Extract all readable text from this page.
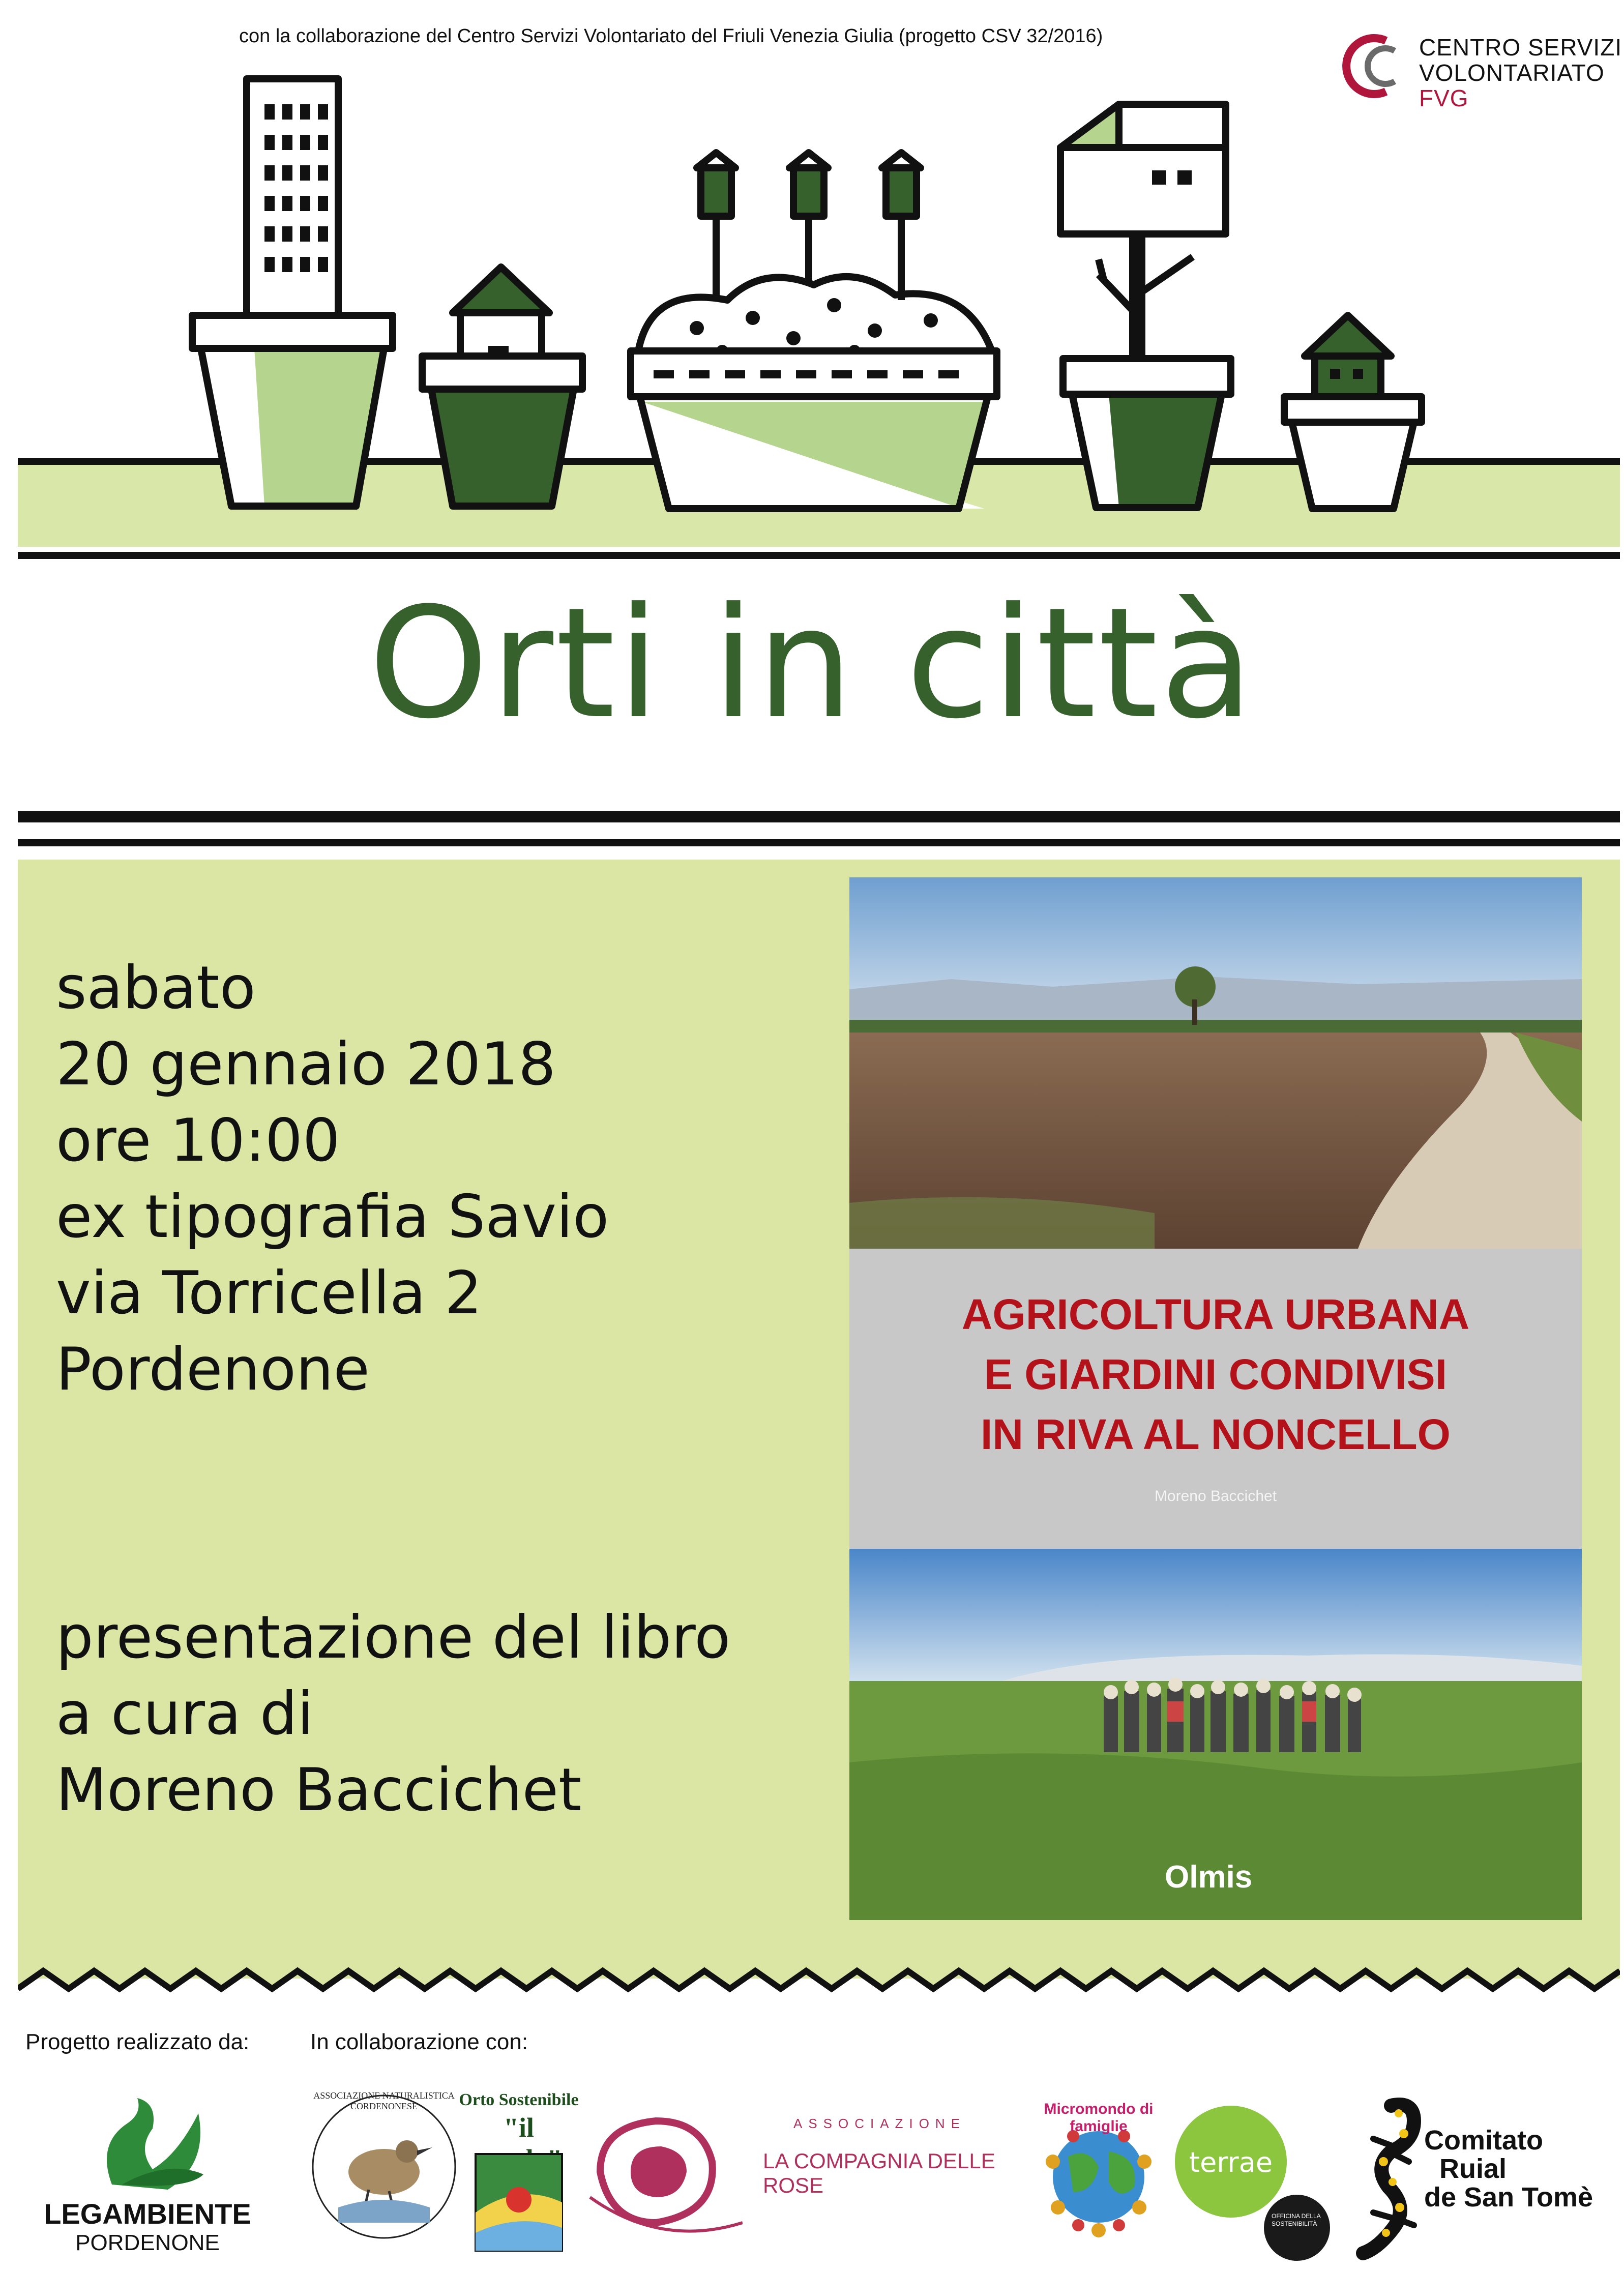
con la collaborazione del Centro Servizi Volontariato del Friuli Venezia Giulia (progetto CSV 32/2016)	CENTRO SERVIZI
VOLONTARIATO FVG
Orti in città
sabato
20 gennaio 2018
ore 10:00
ex tipografia Savio
via Torricella 2
Pordenone
presentazione del libro
a cura di
Moreno Baccichet
AGRICOLTURA URBANA
E GIARDINI CONDIVISI
IN RIVA AL NONCELLO
Moreno Baccichet
Olmis
Progetto realizzato da:	In collaborazione con:
LEGAMBIENTE
PORDENONE
ASSOCIAZIONE NATURALISTICA CORDENONESE	Orto Sostenibile
"il	ASSOCIAZIONE
LA COMPAGNIA DELLE ROSE
Micromondo di famiglie
terrae
OFFICINA DELLA SOSTENIBILITÀ
Comitato
Ruial
de San Tomè
